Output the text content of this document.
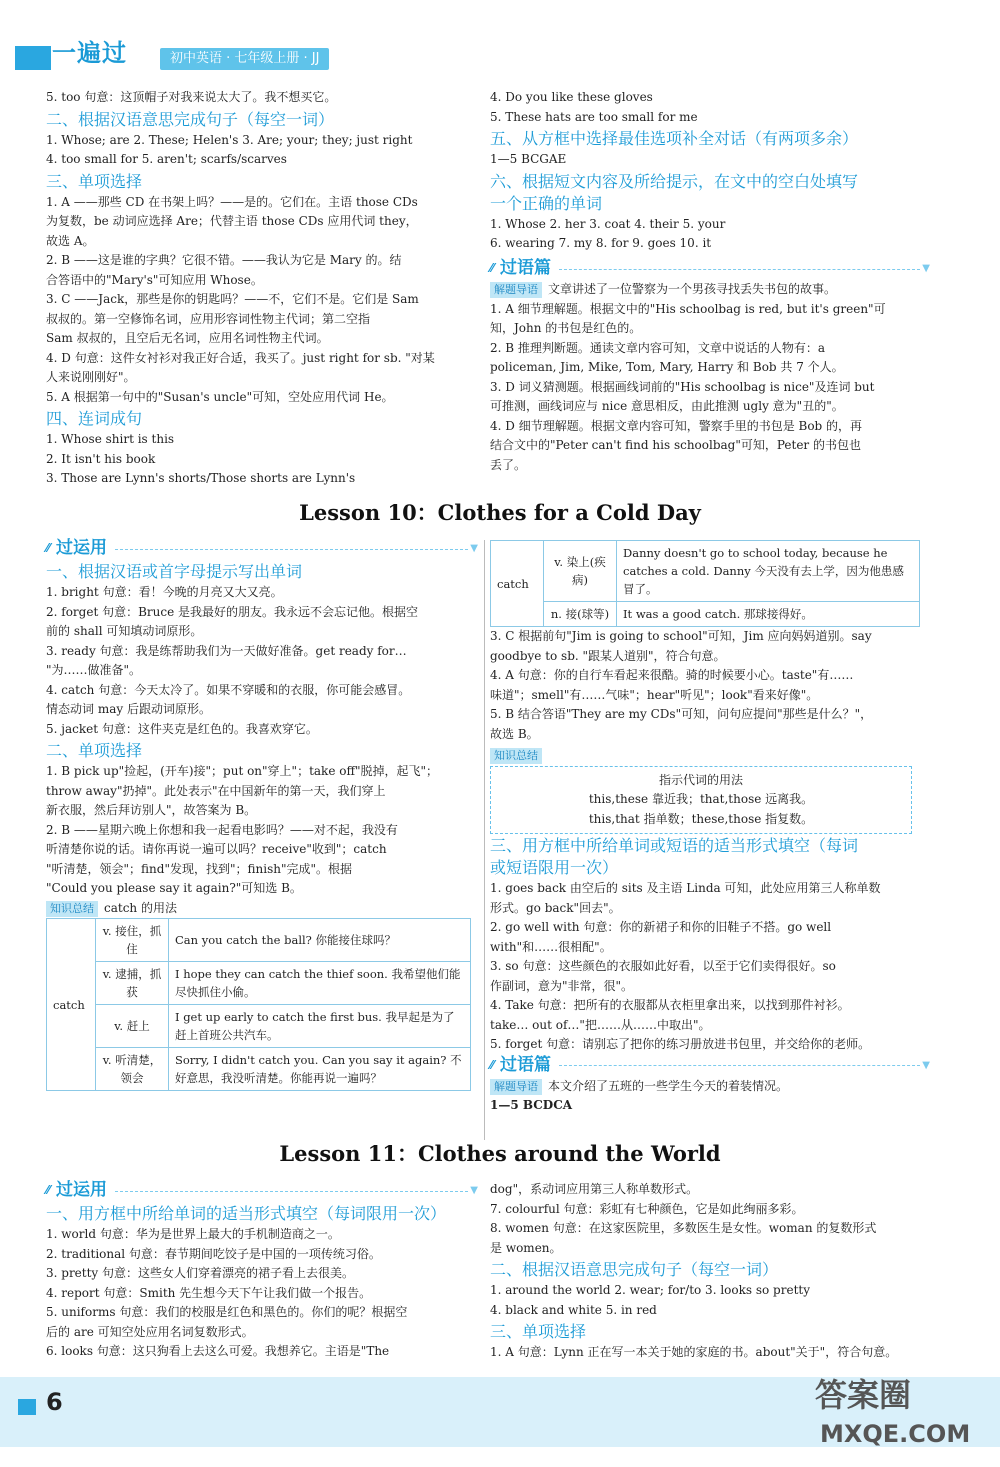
一遍过	初中英语 · 七年级上册 · JJ
5. too 句意：这顶帽子对我来说太大了。我不想买它。
二、根据汉语意思完成句子（每空一词）
1. Whose; are 2. These; Helen's 3. Are; your; they; just right
4. too small for 5. aren't; scarfs/scarves
三、单项选择
1. A ——那些 CD 在书架上吗？——是的。它们在。主语 those CDs
为复数，be 动词应选择 Are；代替主语 those CDs 应用代词 they，
故选 A。
2. B ——这是谁的字典？它很不错。——我认为它是 Mary 的。结
合答语中的"Mary's"可知应用 Whose。
3. C ——Jack，那些是你的钥匙吗？——不，它们不是。它们是 Sam
叔叔的。第一空修饰名词，应用形容词性物主代词；第二空指
Sam 叔叔的，且空后无名词，应用名词性物主代词。
4. D 句意：这件女衬衫对我正好合适，我买了。just right for sb. "对某
人来说刚刚好"。
5. A 根据第一句中的"Susan's uncle"可知，空处应用代词 He。
四、连词成句
1. Whose shirt is this
2. It isn't his book
3. Those are Lynn's shorts/Those shorts are Lynn's
4. Do you like these gloves
5. These hats are too small for me
五、从方框中选择最佳选项补全对话（有两项多余）
1—5 BCGAE
六、根据短文内容及所给提示，在文中的空白处填写
一个正确的单词
1. Whose 2. her 3. coat 4. their 5. your
6. wearing 7. my 8. for 9. goes 10. it
⁄⁄ 过语篇	▼
解题导语 文章讲述了一位警察为一个男孩寻找丢失书包的故事。
1. A 细节理解题。根据文中的"His schoolbag is red, but it's green"可
知，John 的书包是红色的。
2. B 推理判断题。通读文章内容可知，文章中说话的人物有：a
policeman, Jim, Mike, Tom, Mary, Harry 和 Bob 共 7 个人。
3. D 词义猜测题。根据画线词前的"His schoolbag is nice"及连词 but
可推测，画线词应与 nice 意思相反，由此推测 ugly 意为"丑的"。
4. D 细节理解题。根据文章内容可知，警察手里的书包是 Bob 的，再
结合文中的"Peter can't find his schoolbag"可知，Peter 的书包也
丢了。
Lesson 10：Clothes for a Cold Day
⁄⁄ 过运用	▼
一、根据汉语或首字母提示写出单词
1. bright 句意：看！今晚的月亮又大又亮。
2. forget 句意：Bruce 是我最好的朋友。我永远不会忘记他。根据空
前的 shall 可知填动词原形。
3. ready 句意：我是练帮助我们为一天做好准备。get ready for…
"为……做准备"。
4. catch 句意：今天太冷了。如果不穿暖和的衣服，你可能会感冒。
情态动词 may 后跟动词原形。
5. jacket 句意：这件夹克是红色的。我喜欢穿它。
二、单项选择
1. B pick up"捡起，(开车)接"；put on"穿上"；take off"脱掉，起飞"；
throw away"扔掉"。此处表示"在中国新年的第一天，我们穿上
新衣服，然后拜访别人"，故答案为 B。
2. B ——星期六晚上你想和我一起看电影吗？——对不起，我没有
听清楚你说的话。请你再说一遍可以吗？receive"收到"；catch
"听清楚，领会"；find"发现，找到"；finish"完成"。根据
"Could you please say it again?"可知选 B。
知识总结 catch 的用法
catch	v. 接住，抓住	Can you catch the ball? 你能接住球吗？
	v. 逮捕，抓获	I hope they can catch the thief soon. 我希望他们能尽快抓住小偷。
	v. 赶上	I get up early to catch the first bus. 我早起是为了赶上首班公共汽车。
	v. 听清楚，领会	Sorry, I didn't catch you. Can you say it again? 不好意思，我没听清楚。你能再说一遍吗？
catch	v. 染上(疾病)	Danny doesn't go to school today, because he catches a cold. Danny 今天没有去上学，因为他患感冒了。
	n. 接(球等)	It was a good catch. 那球接得好。
3. C 根据前句"Jim is going to school"可知，Jim 应向妈妈道别。say
goodbye to sb. "跟某人道别"，符合句意。
4. A 句意：你的自行车看起来很酷。骑的时候要小心。taste"有……
味道"；smell"有……气味"；hear"听见"；look"看来好像"。
5. B 结合答语"They are my CDs"可知，问句应提问"那些是什么？"，
故选 B。
知识总结
指示代词的用法
this,these 靠近我；that,those 远离我。
this,that 指单数；these,those 指复数。
三、用方框中所给单词或短语的适当形式填空（每词
或短语限用一次）
1. goes back 由空后的 sits 及主语 Linda 可知，此处应用第三人称单数
形式。go back"回去"。
2. go well with 句意：你的新裙子和你的旧鞋子不搭。go well
with"和……很相配"。
3. so 句意：这些颜色的衣服如此好看，以至于它们卖得很好。so
作副词，意为"非常，很"。
4. Take 句意：把所有的衣服都从衣柜里拿出来，以找到那件衬衫。
take… out of…"把……从……中取出"。
5. forget 句意：请别忘了把你的练习册放进书包里，并交给你的老师。
⁄⁄ 过语篇	▼
解题导语 本文介绍了五班的一些学生今天的着装情况。
1—5 BCDCA
Lesson 11：Clothes around the World
⁄⁄ 过运用	▼
一、用方框中所给单词的适当形式填空（每词限用一次）
1. world 句意：华为是世界上最大的手机制造商之一。
2. traditional 句意：春节期间吃饺子是中国的一项传统习俗。
3. pretty 句意：这些女人们穿着漂亮的裙子看上去很美。
4. report 句意：Smith 先生想今天下午让我们做一个报告。
5. uniforms 句意：我们的校服是红色和黑色的。你们的呢？根据空
后的 are 可知空处应用名词复数形式。
6. looks 句意：这只狗看上去这么可爱。我想养它。主语是"The
dog"，系动词应用第三人称单数形式。
7. colourful 句意：彩虹有七种颜色，它是如此绚丽多彩。
8. women 句意：在这家医院里，多数医生是女性。woman 的复数形式
是 women。
二、根据汉语意思完成句子（每空一词）
1. around the world 2. wear; for/to 3. looks so pretty
4. black and white 5. in red
三、单项选择
1. A 句意：Lynn 正在写一本关于她的家庭的书。about"关于"，符合句意。
6	答案圈
MXQE.COM
